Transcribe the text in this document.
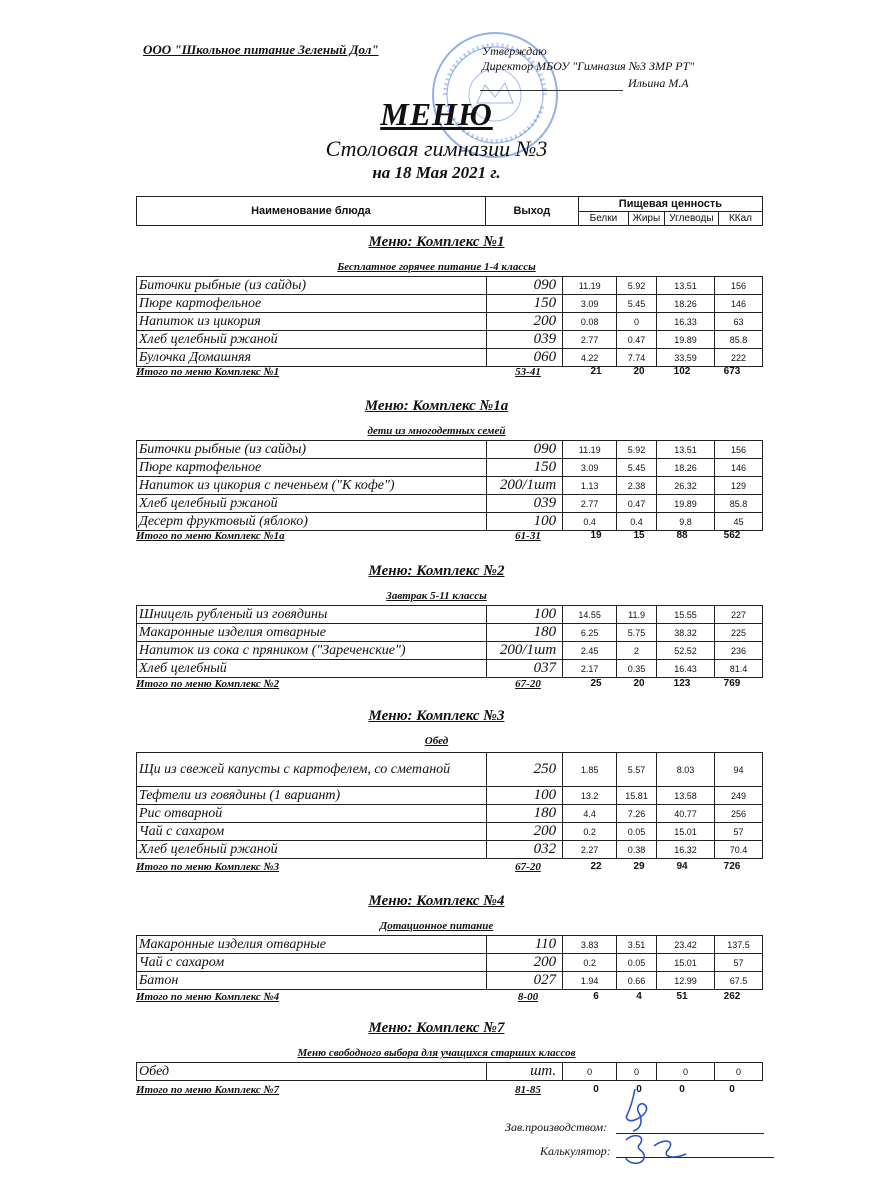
ООО "Школьное питание Зеленый Дол"	Утверждаю
Директор МБОУ "Гимназия №3 ЗМР РТ"
Ильина М.А
МЕНЮ
Столовая гимназии №3
на 18 Мая 2021 г.
Наименование блюда	Выход	Пищевая ценность			
		Белки	Жиры	Углеводы	ККал
Меню: Комплекс №1
Бесплатное горячее питание 1-4 классы
Биточки рыбные (из сайды)	090	11.19	5.92	13.51	156
Пюре картофельное	150	3.09	5.45	18.26	146
Напиток из цикория	200	0.08	0	16.33	63
Хлеб целебный ржаной	039	2.77	0.47	19.89	85.8
Булочка Домашняя	060	4.22	7.74	33.59	222
Итого по меню Комплекс №1	53-41	21	20	102	673
Меню: Комплекс №1а
дети из многодетных семей
Биточки рыбные (из сайды)	090	11.19	5.92	13.51	156
Пюре картофельное	150	3.09	5.45	18.26	146
Напиток из цикория с печеньем ("К кофе")	200/1шт	1.13	2.38	26.32	129
Хлеб целебный ржаной	039	2.77	0.47	19.89	85.8
Десерт фруктовый (яблоко)	100	0.4	0.4	9.8	45
Итого по меню Комплекс №1а	61-31	19	15	88	562
Меню: Комплекс №2
Завтрак 5-11 классы
Шницель рубленый из говядины	100	14.55	11.9	15.55	227
Макаронные изделия отварные	180	6.25	5.75	38.32	225
Напиток из сока с пряником ("Зареченские")	200/1шт	2.45	2	52.52	236
Хлеб целебный	037	2.17	0.35	16.43	81.4
Итого по меню Комплекс №2	67-20	25	20	123	769
Меню: Комплекс №3
Обед
Щи из свежей капусты с картофелем, со сметаной	250	1.85	5.57	8.03	94
Тефтели из говядины (1 вариант)	100	13.2	15.81	13.58	249
Рис отварной	180	4.4	7.26	40.77	256
Чай с сахаром	200	0.2	0.05	15.01	57
Хлеб целебный ржаной	032	2.27	0.38	16.32	70.4
Итого по меню Комплекс №3	67-20	22	29	94	726
Меню: Комплекс №4
Дотационное питание
Макаронные изделия отварные	110	3.83	3.51	23.42	137.5
Чай с сахаром	200	0.2	0.05	15.01	57
Батон	027	1.94	0.66	12.99	67.5
Итого по меню Комплекс №4	8-00	6	4	51	262
Меню: Комплекс №7
Меню свободного выбора для учащихся старших классов
Обед	шт.	0	0	0	0
Итого по меню Комплекс №7	81-85	0	0	0	0
Зав.производством:
Калькулятор:
